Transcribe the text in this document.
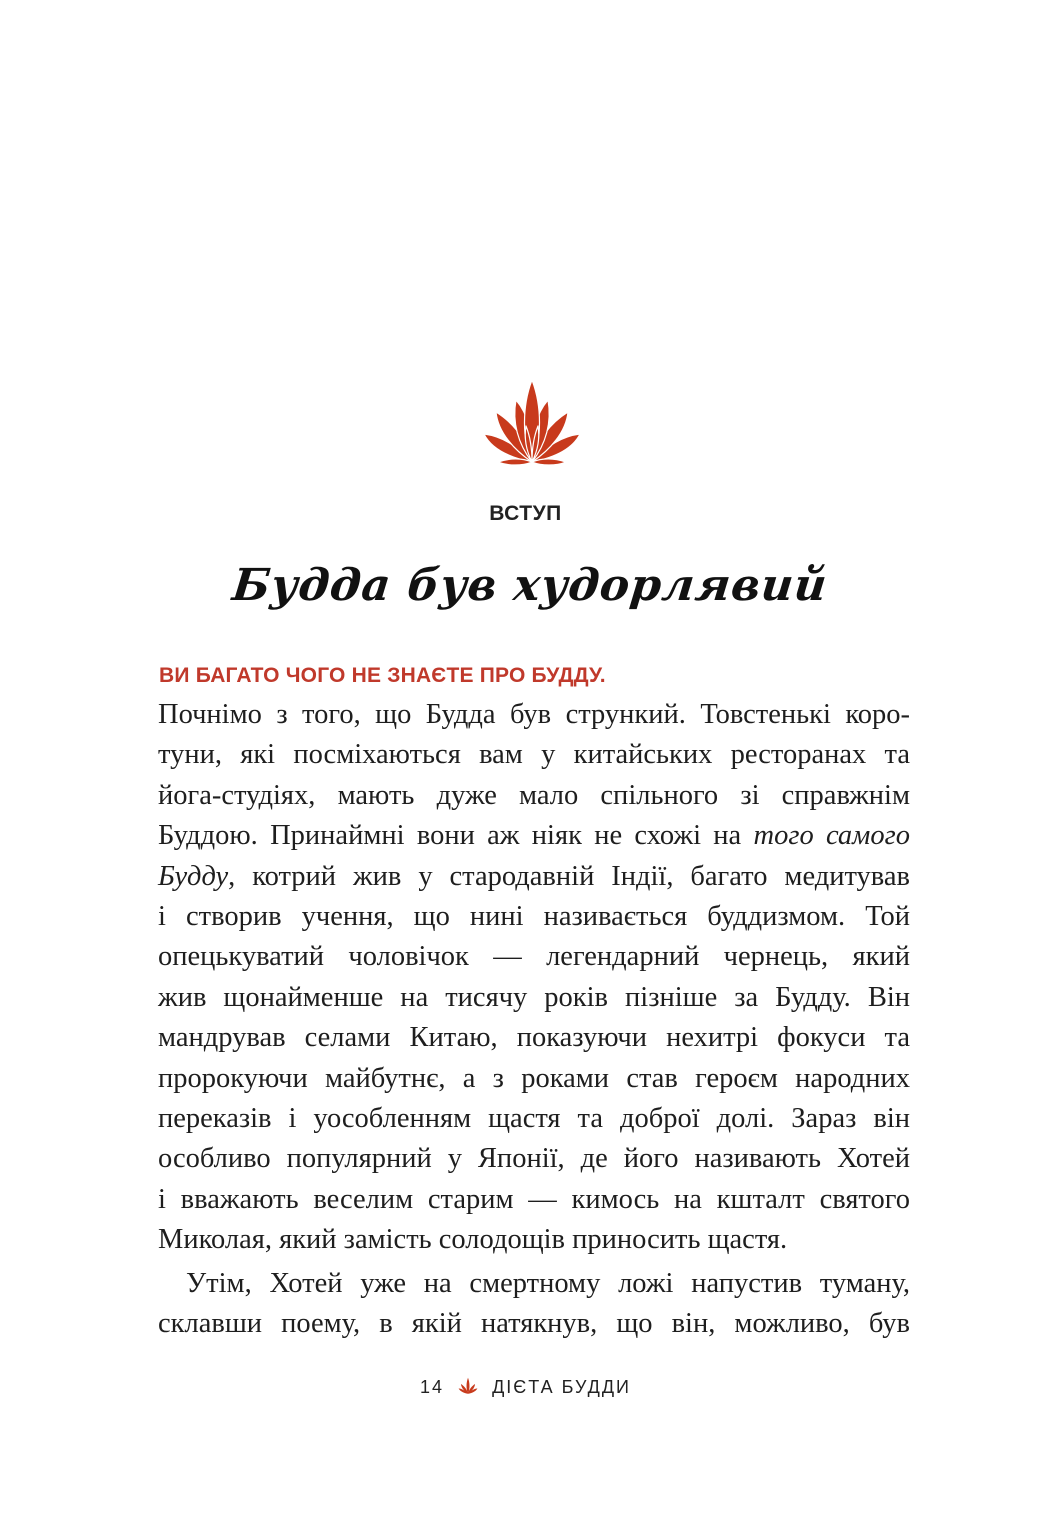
ВСТУП
Будда був худорлявий
ВИ БАГАТО ЧОГО НЕ ЗНАЄТЕ ПРО БУДДУ.
Почнімо з того, що Будда був стрункий. Товстенькі коро-
туни, які посміхаються вам у китайських ресторанах та
йога-студіях, мають дуже мало спільного зі справжнім
Буддою. Принаймні вони аж ніяк не схожі на того самого
Будду, котрий жив у стародавній Індії, багато медитував
і створив учення, що нині називається буддизмом. Той
опецькуватий чоловічок — легендарний чернець, який
жив щонайменше на тисячу років пізніше за Будду. Він
мандрував селами Китаю, показуючи нехитрі фокуси та
пророкуючи майбутнє, а з роками став героєм народних
переказів і уособленням щастя та доброї долі. Зараз він
особливо популярний у Японії, де його називають Хотей
і вважають веселим старим — кимось на кшталт святого
Миколая, який замість солодощів приносить щастя.
Утім, Хотей уже на смертному ложі напустив туману,
склавши поему, в якій натякнув, що він, можливо, був
14	ДІЄТА БУДДИ
